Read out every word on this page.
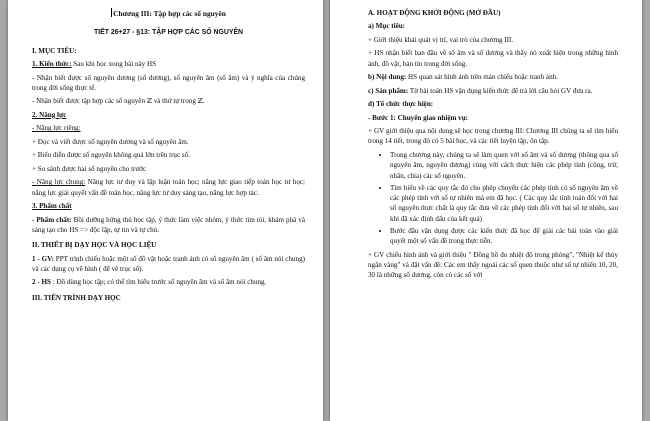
Chương III: Tập hợp các số nguyên

TIẾT 26+27 - §13: TẬP HỢP CÁC SỐ NGUYÊN

I. MỤC TIÊU:

1. Kiến thức: Sau khi học xong bài này HS

- Nhận biết được số nguyên dương (số dương), số nguyên âm (số âm) và ý nghĩa của chúng trong đời sống thực tế.

- Nhận biết được tập hợp các số nguyên ℤ và thứ tự trong ℤ.

2. Năng lực

- Năng lực riêng:

+ Đọc và viết được số nguyên dương và số nguyên âm.

+ Biểu diễn được số nguyên không quá lớn trên trục số.

+ So sánh được hai số nguyên cho trước

- Năng lực chung: Năng lực tư duy và lập luận toán học; năng lực giao tiếp toán học tư học; năng lực giải quyết vấn đề toán học, năng lực tư duy sáng tạo, năng lực hợp tác.

3. Phẩm chất

- Phẩm chất: Bồi dưỡng hứng thú học tập, ý thức làm việc nhóm, ý thức tìm tòi, khám phá và sáng tạo cho HS => độc lập, tự tin và tự chủ.

II. THIẾT BỊ DẠY HỌC VÀ HỌC LIỆU

1 - GV: PPT trình chiếu hoặc một số đồ vật hoặc tranh ảnh có số nguyên âm ( số âm nói chung) và các dụng cụ vẽ hình ( để vẽ trục số).

2 - HS : Đồ dùng học tập; có thể tìm hiểu trước số nguyên âm và số âm nói chung.

III. TIẾN TRÌNH DẠY HỌC

A. HOẠT ĐỘNG KHỞI ĐỘNG (MỞ ĐẦU)

a) Mục tiêu:

+ Giới thiệu khái quát vị trí, vai trò của chương III.

+ HS nhận biết ban đầu về số âm và số dương và thấy nó xuất hiện trong những hình ảnh, đồ vật, bản tin trong đời sống.

b) Nội dung: HS quan sát hình ảnh trên màn chiếu hoặc tranh ảnh.

c) Sản phẩm: Từ bài toán HS vận dụng kiến thức để trả lời câu hỏi GV đưa ra.

d) Tổ chức thực hiện:

- Bước 1: Chuyển giao nhiệm vụ:

+ GV giới thiệu qua nội dung sẽ học trong chương III: Chương III chúng ta sẽ tìm hiểu trong 14 tiết, trong đó có 5 bài học, và các tiết luyện tập, ôn tập.

• Trong chương này, chúng ta sẽ làm quen với số âm và số dương (thông qua số nguyên âm, nguyên dương) cùng với cách thực hiện các phép tính (cộng, trừ, nhân, chia) các số nguyên.
• Tìm hiểu về các quy tắc đó cho phép chuyển các phép tính có số nguyên âm về các phép tính với số tự nhiên mà em đã học. ( Các quy tắc tính toán đối với hai số nguyên thực chất là quy tắc đưa về các phép tính đối với hai số tự nhiên, sau khi đã xác định dấu của kết quả)
• Bước đầu vận dụng được các kiến thức đã học để giải các bài toán vào giải quyết một số vấn đề trong thực tiễn.

+ GV chiếu hình ảnh và giới thiệu " Đồng hồ đo nhiệt độ trong phòng", "Nhiệt kế thủy ngân vàng" và đặt vấn đề: Các em thấy ngoài các số quen thuộc như số tự nhiên 10, 20, 30 là những số dương, còn có các số với
